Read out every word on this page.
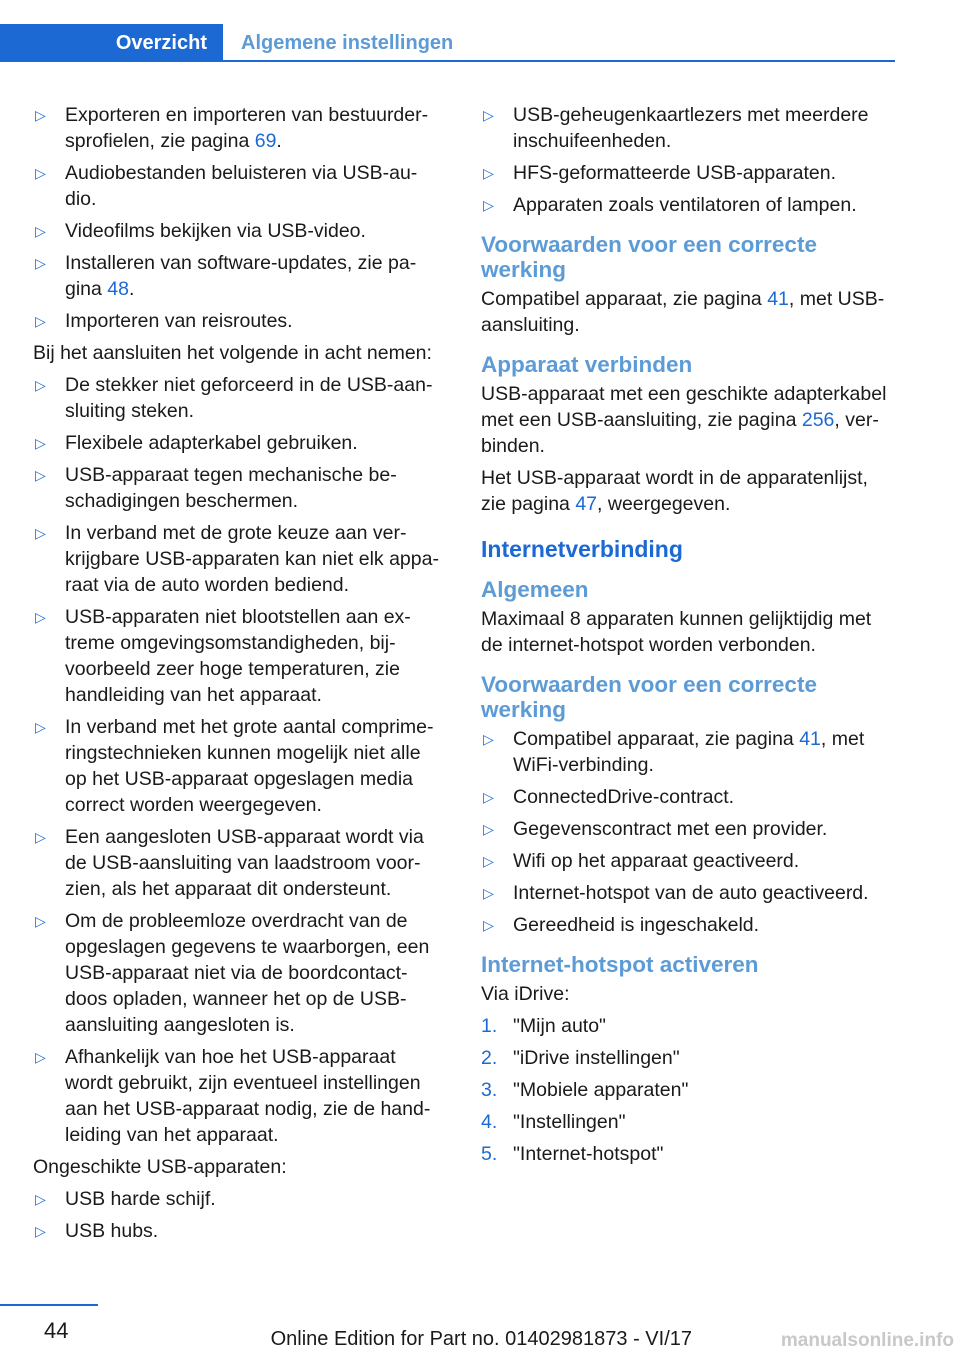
Overzicht	Algemene instellingen
▷ Exporteren en importeren van bestuurder-sprofielen, zie pagina 69.
▷ Audiobestanden beluisteren via USB-au-dio.
▷ Videofilms bekijken via USB-video.
▷ Installeren van software-updates, zie pa-gina 48.
▷ Importeren van reisroutes.

Bij het aansluiten het volgende in acht nemen:

▷ De stekker niet geforceerd in de USB-aan-sluiting steken.
▷ Flexibele adapterkabel gebruiken.
▷ USB-apparaat tegen mechanische be-schadigingen beschermen.
▷ In verband met de grote keuze aan ver-krijgbare USB-apparaten kan niet elk appa-raat via de auto worden bediend.
▷ USB-apparaten niet blootstellen aan ex-treme omgevingsomstandigheden, bij-voorbeeld zeer hoge temperaturen, zie handleiding van het apparaat.
▷ In verband met het grote aantal comprime-ringstechnieken kunnen mogelijk niet alle op het USB-apparaat opgeslagen media correct worden weergegeven.
▷ Een aangesloten USB-apparaat wordt via de USB-aansluiting van laadstroom voor-zien, als het apparaat dit ondersteunt.
▷ Om de probleemloze overdracht van de opgeslagen gegevens te waarborgen, een USB-apparaat niet via de boordcontact-doos opladen, wanneer het op de USB-aansluiting aangesloten is.
▷ Afhankelijk van hoe het USB-apparaat wordt gebruikt, zijn eventueel instellingen aan het USB-apparaat nodig, zie de hand-leiding van het apparaat.

Ongeschikte USB-apparaten:

▷ USB harde schijf.
▷ USB hubs.
▷ USB-geheugenkaartlezers met meerdere inschuifeenheden.
▷ HFS-geformatteerde USB-apparaten.
▷ Apparaten zoals ventilatoren of lampen.
Voorwaarden voor een correcte werking

Compatibel apparaat, zie pagina 41, met USB-aansluiting.

Apparaat verbinden

USB-apparaat met een geschikte adapterkabel met een USB-aansluiting, zie pagina 256, ver-binden.

Het USB-apparaat wordt in de apparatenlijst, zie pagina 47, weergegeven.

Internetverbinding
Algemeen

Maximaal 8 apparaten kunnen gelijktijdig met de internet-hotspot worden verbonden.

Voorwaarden voor een correcte werking
▷ Compatibel apparaat, zie pagina 41, met WiFi-verbinding.
▷ ConnectedDrive-contract.
▷ Gegevenscontract met een provider.
▷ Wifi op het apparaat geactiveerd.
▷ Internet-hotspot van de auto geactiveerd.
▷ Gereedheid is ingeschakeld.
Internet-hotspot activeren

Via iDrive:

1. "Mijn auto"
2. "iDrive instellingen"
3. "Mobiele apparaten"
4. "Instellingen"
5. "Internet-hotspot"
44	Online Edition for Part no. 01402981873 - VI/17	manualsonline.info
